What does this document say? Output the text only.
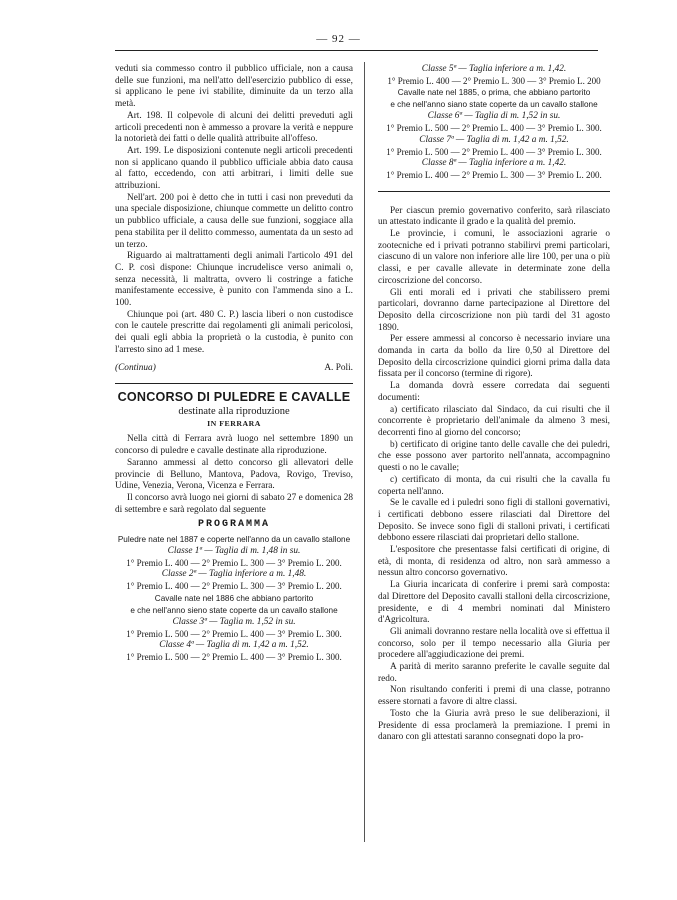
— 92 —

veduti sia commesso contro il pubblico ufficiale, non a causa delle sue funzioni, ma nell'atto dell'esercizio pubblico di esse, si applicano le pene ivi stabilite, diminuite da un terzo alla metà.

Art. 198. Il colpevole di alcuni dei delitti preveduti agli articoli precedenti non è ammesso a provare la verità e neppure la notorietà dei fatti o delle qualità attribuite all'offeso.

Art. 199. Le disposizioni contenute negli articoli precedenti non si applicano quando il pubblico ufficiale abbia dato causa al fatto, eccedendo, con atti arbitrari, i limiti delle sue attribuzioni.

Nell'art. 200 poi è detto che in tutti i casi non preveduti da una speciale disposizione, chiunque commette un delitto contro un pubblico ufficiale, a causa delle sue funzioni, soggiace alla pena stabilita per il delitto commesso, aumentata da un sesto ad un terzo.

Riguardo ai maltrattamenti degli animali l'articolo 491 del C. P. così dispone: Chiunque incrudelisce verso animali o, senza necessità, li maltratta, ovvero li costringe a fatiche manifestamente eccessive, è punito con l'ammenda sino a L. 100.

Chiunque poi (art. 480 C. P.) lascia liberi o non custodisce con le cautele prescritte dai regolamenti gli animali pericolosi, dei quali egli abbia la proprietà o la custodia, è punito con l'arresto sino ad 1 mese.

(Continua)	A. Poli.
CONCORSO DI PULEDRE E CAVALLE
destinate alla riproduzione
IN FERRARA

Nella città di Ferrara avrà luogo nel settembre 1890 un concorso di puledre e cavalle destinate alla riproduzione.

Saranno ammessi al detto concorso gli allevatori delle provincie di Belluno, Mantova, Padova, Rovigo, Treviso, Udine, Venezia, Verona, Vicenza e Ferrara.

Il concorso avrà luogo nei giorni di sabato 27 e domenica 28 di settembre e sarà regolato dal seguente

PROGRAMMA
Puledre nate nel 1887 e coperte nell'anno da un cavallo stallone
Classe 1ª — Taglia di m. 1,48 in su.
1° Premio L. 400 — 2° Premio L. 300 — 3° Premio L. 200.
Classe 2ª — Taglia inferiore a m. 1,48.
1° Premio L. 400 — 2° Premio L. 300 — 3° Premio L. 200.
Cavalle nate nel 1886 che abbiano partorito
e che nell'anno sieno state coperte da un cavallo stallone
Classe 3ª — Taglia m. 1,52 in su.
1° Premio L. 500 — 2° Premio L. 400 — 3° Premio L. 300.
Classe 4ª — Taglia di m. 1,42 a m. 1,52.
1° Premio L. 500 — 2° Premio L. 400 — 3° Premio L. 300.
Classe 5ª — Taglia inferiore a m. 1,42.
1° Premio L. 400 — 2° Premio L. 300 — 3° Premio L. 200
Cavalle nate nel 1885, o prima, che abbiano partorito
e che nell'anno siano state coperte da un cavallo stallone
Classe 6ª — Taglia di m. 1,52 in su.
1° Premio L. 500 — 2° Premio L. 400 — 3° Premio L. 300.
Classe 7ª — Taglia di m. 1,42 a m. 1,52.
1° Premio L. 500 — 2° Premio L. 400 — 3° Premio L. 300.
Classe 8ª — Taglia inferiore a m. 1,42.
1° Premio L. 400 — 2° Premio L. 300 — 3° Premio L. 200.

Per ciascun premio governativo conferito, sarà rilasciato un attestato indicante il grado e la qualità del premio.

Le provincie, i comuni, le associazioni agrarie o zootecniche ed i privati potranno stabilirvi premi particolari, ciascuno di un valore non inferiore alle lire 100, per una o più classi, e per cavalle allevate in determinate zone della circoscrizione del concorso.

Gli enti morali ed i privati che stabilissero premi particolari, dovranno darne partecipazione al Direttore del Deposito della circoscrizione non più tardi del 31 agosto 1890.

Per essere ammessi al concorso è necessario inviare una domanda in carta da bollo da lire 0,50 al Direttore del Deposito della circoscrizione quindici giorni prima dalla data fissata per il concorso (termine di rigore).

La domanda dovrà essere corredata dai seguenti documenti:

a) certificato rilasciato dal Sindaco, da cui risulti che il concorrente è proprietario dell'animale da almeno 3 mesi, decorrenti fino al giorno del concorso;

b) certificato di origine tanto delle cavalle che dei puledri, che esse possono aver partorito nell'annata, accompagnino questi o no le cavalle;

c) certificato di monta, da cui risulti che la cavalla fu coperta nell'anno.

Se le cavalle ed i puledri sono figli di stalloni governativi, i certificati debbono essere rilasciati dal Direttore del Deposito. Se invece sono figli di stalloni privati, i certificati debbono essere rilasciati dai proprietari dello stallone.

L'espositore che presentasse falsi certificati di origine, di età, di monta, di residenza od altro, non sarà ammesso a nessun altro concorso governativo.

La Giuria incaricata di conferire i premi sarà composta: dal Direttore del Deposito cavalli stalloni della circoscrizione, presidente, e di 4 membri nominati dal Ministero d'Agricoltura.

Gli animali dovranno restare nella località ove si effettua il concorso, solo per il tempo necessario alla Giuria per procedere all'aggiudicazione dei premi.

A parità di merito saranno preferite le cavalle seguite dal redo.

Non risultando conferiti i premi di una classe, potranno essere stornati a favore di altre classi.

Tosto che la Giuria avrà preso le sue deliberazioni, il Presidente di essa proclamerà la premiazione. I premi in danaro con gli attestati saranno consegnati dopo la pro-
